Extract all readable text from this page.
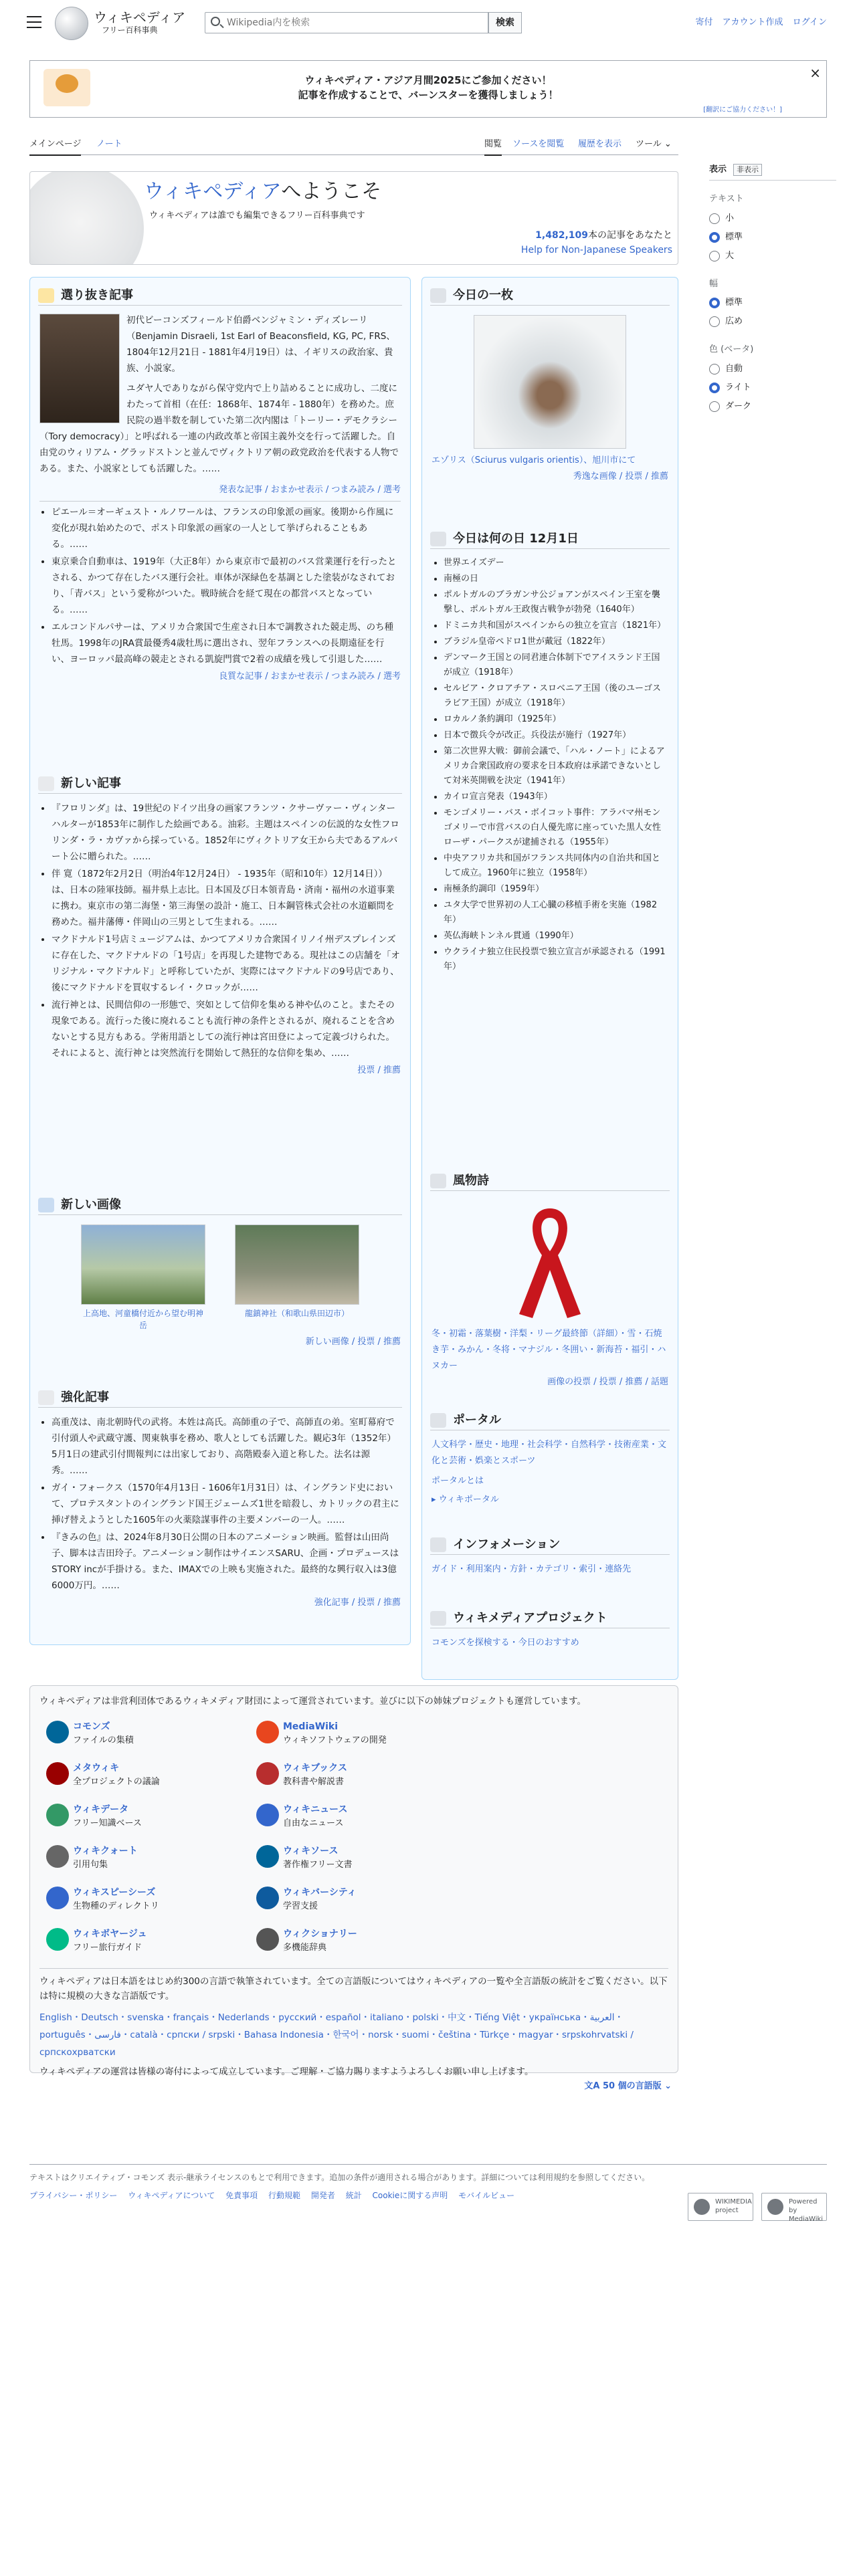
ウィキペディア
フリー百科事典
Wikipedia内を検索
検索	寄付 アカウント作成 ログイン
ウィキペディア・アジア月間2025にご参加ください！
記事を作成することで、バーンスターを獲得しましょう！
×
[翻訳にご協力ください！]
メインページ ノート	閲覧 ソースを閲覧 履歴を表示 ツール ⌄
表示 非表示
テキスト
小
標準
大
幅
標準
広め
色 (ベータ)
自動
ライト
ダーク
ウィキペディアへようこそ
ウィキペディアは誰でも編集できるフリー百科事典です
1,482,109本の記事をあなたと
Help for Non-Japanese Speakers
選り抜き記事
初代ビーコンズフィールド伯爵ベンジャミン・ディズレーリ（Benjamin Disraeli, 1st Earl of Beaconsfield, KG, PC, FRS、1804年12月21日 - 1881年4月19日）は、イギリスの政治家、貴族、小説家。
ユダヤ人でありながら保守党内で上り詰めることに成功し、二度にわたって首相（在任：1868年、1874年 - 1880年）を務めた。庶民院の過半数を制していた第二次内閣は「トーリー・デモクラシー（Tory democracy）」と呼ばれる一連の内政改革と帝国主義外交を行って活躍した。自由党のウィリアム・グラッドストンと並んでヴィクトリア朝の政党政治を代表する人物である。また、小説家としても活躍した。……
発表な記事 / おまかせ表示 / つまみ読み / 選考
• ピエール＝オーギュスト・ルノワールは、フランスの印象派の画家。後期から作風に変化が現れ始めたので、ポスト印象派の画家の一人として挙げられることもある。……
• 東京乗合自動車は、1919年（大正8年）から東京市で最初のバス営業運行を行ったとされる、かつて存在したバス運行会社。車体が深緑色を基調とした塗装がなされており、「青バス」という愛称がついた。戦時統合を経て現在の都営バスとなっている。……
• エルコンドルパサーは、アメリカ合衆国で生産され日本で調教された競走馬、のち種牡馬。1998年のJRA賞最優秀4歳牡馬に選出され、翌年フランスへの長期遠征を行い、ヨーロッパ最高峰の競走とされる凱旋門賞で2着の成績を残して引退した……
良質な記事 / おまかせ表示 / つまみ読み / 選考
新しい記事
• 『フロリンダ』は、19世紀のドイツ出身の画家フランツ・クサーヴァー・ヴィンターハルターが1853年に制作した絵画である。油彩。主題はスペインの伝説的な女性フロリンダ・ラ・カヴァから採っている。1852年にヴィクトリア女王から夫であるアルバート公に贈られた。……
• 伴 寛（1872年2月2日（明治4年12月24日） - 1935年（昭和10年）12月14日））は、日本の陸軍技師。福井県上志比。日本国及び日本領青島・済南・福州の水道事業に携わ。東京市の第二海堡・第三海堡の設計・施工、日本鋼管株式会社の水道顧問を務めた。福井藩傳・伴岡山の三男として生まれる。……
• マクドナルド1号店ミュージアムは、かつてアメリカ合衆国イリノイ州デスプレインズに存在した、マクドナルドの「1号店」を再現した建物である。現社はこの店舗を「オリジナル・マクドナルド」と呼称していたが、実際にはマクドナルドの9号店であり、後にマクドナルドを買収するレイ・クロックが……
• 流行神とは、民間信仰の一形態で、突如として信仰を集める神や仏のこと。またその現象である。流行った後に廃れることも流行神の条件とされるが、廃れることを含めないとする見方もある。学術用語としての流行神は宮田登によって定義づけられた。それによると、流行神とは突然流行を開始して熱狂的な信仰を集め、……
投票 / 推薦
新しい画像
上高地、河童橋付近から望む明神岳
龍鎮神社（和歌山県田辺市）
新しい画像 / 投票 / 推薦
強化記事
• 高重茂は、南北朝時代の武将。本姓は高氏。高師重の子で、高師直の弟。室町幕府で引付頭人や武蔵守護、関東執事を務め、歌人としても活躍した。観応3年（1352年）5月1日の建武引付間報判には出家しており、高階殿泰入道と称した。法名は源秀。……
• ガイ・フォークス（1570年4月13日 - 1606年1月31日）は、イングランド史において、プロテスタントのイングランド国王ジェームズ1世を暗殺し、カトリックの君主に挿げ替えようとした1605年の火薬陰謀事件の主要メンバーの一人。……
• 『きみの色』は、2024年8月30日公開の日本のアニメーション映画。監督は山田尚子、脚本は吉田玲子。アニメーション制作はサイエンスSARU、企画・プロデュースはSTORY incが手掛ける。また、IMAXでの上映も実施された。最終的な興行収入は3億6000万円。……
強化記事 / 投票 / 推薦
今日の一枚
エゾリス（Sciurus vulgaris orientis）、旭川市にて
秀逸な画像 / 投票 / 推薦
今日は何の日 12月1日
• 世界エイズデー
• 南極の日
• ポルトガルのブラガンサ公ジョアンがスペイン王室を襲撃し、ポルトガル王政復古戦争が勃発（1640年）
• ドミニカ共和国がスペインからの独立を宣言（1821年）
• ブラジル皇帝ペドロ1世が戴冠（1822年）
• デンマーク王国との同君連合体制下でアイスランド王国が成立（1918年）
• セルビア・クロアチア・スロベニア王国（後のユーゴスラビア王国）が成立（1918年）
• ロカルノ条約調印（1925年）
• 日本で徴兵令が改正。兵役法が施行（1927年）
• 第二次世界大戦：御前会議で、「ハル・ノート」によるアメリカ合衆国政府の要求を日本政府は承諾できないとして対米英開戦を決定（1941年）
• カイロ宣言発表（1943年）
• モンゴメリー・バス・ボイコット事件：アラバマ州モンゴメリーで市営バスの白人優先席に座っていた黒人女性ローザ・パークスが逮捕される（1955年）
• 中央アフリカ共和国がフランス共同体内の自治共和国として成立。1960年に独立（1958年）
• 南極条約調印（1959年）
• ユタ大学で世界初の人工心臓の移植手術を実施（1982年）
• 英仏海峡トンネル貫通（1990年）
• ウクライナ独立住民投票で独立宣言が承認される（1991年）
風物詩
冬・初霜・落葉樹・洋梨・リーグ最終節（詳細）・雪・石焼き芋・みかん・冬将・マナジル・冬囲い・新海苔・福引・ハヌカー
画像の投票 / 投票 / 推薦 / 話題
ポータル
人文科学・歴史・地理・社会科学・自然科学・技術産業・文化と芸術・娯楽とスポーツ
ポータルとは
▸ ウィキポータル
インフォメーション
ガイド・利用案内・方針・カテゴリ・索引・連絡先
ウィキメディアプロジェクト
コモンズを探検する・今日のおすすめ
ウィキペディアは非営利団体であるウィキメディア財団によって運営されています。並びに以下の姉妹プロジェクトも運営しています。
コモンズ
ファイルの集積
MediaWiki
ウィキソフトウェアの開発
メタウィキ
全プロジェクトの議論
ウィキブックス
教科書や解説書
ウィキデータ
フリー知識ベース
ウィキニュース
自由なニュース
ウィキクォート
引用句集
ウィキソース
著作権フリー文書
ウィキスピーシーズ
生物種のディレクトリ
ウィキバーシティ
学習支援
ウィキボヤージュ
フリー旅行ガイド
ウィクショナリー
多機能辞典
ウィキペディアは日本語をはじめ約300の言語で執筆されています。全ての言語版についてはウィキペディアの一覧や全言語版の統計をご覧ください。以下は特に規模の大きな言語版です。
English・Deutsch・svenska・français・Nederlands・русский・español・italiano・polski・中文・Tiếng Việt・українська・العربية・português・فارسی・català・српски / srpski・Bahasa Indonesia・한국어・norsk・suomi・čeština・Türkçe・magyar・srpskohrvatski / српскохрватски
ウィキペディアの運営は皆様の寄付によって成立しています。ご理解・ご協力賜りますようよろしくお願い申し上げます。
文A 50 個の言語版 ⌄
テキストはクリエイティブ・コモンズ 表示-継承ライセンスのもとで利用できます。追加の条件が適用される場合があります。詳細については利用規約を参照してください。
プライバシー・ポリシー ウィキペディアについて 免責事項 行動規範 開発者 統計 Cookieに関する声明 モバイルビュー
WIKIMEDIA project
Powered by MediaWiki
